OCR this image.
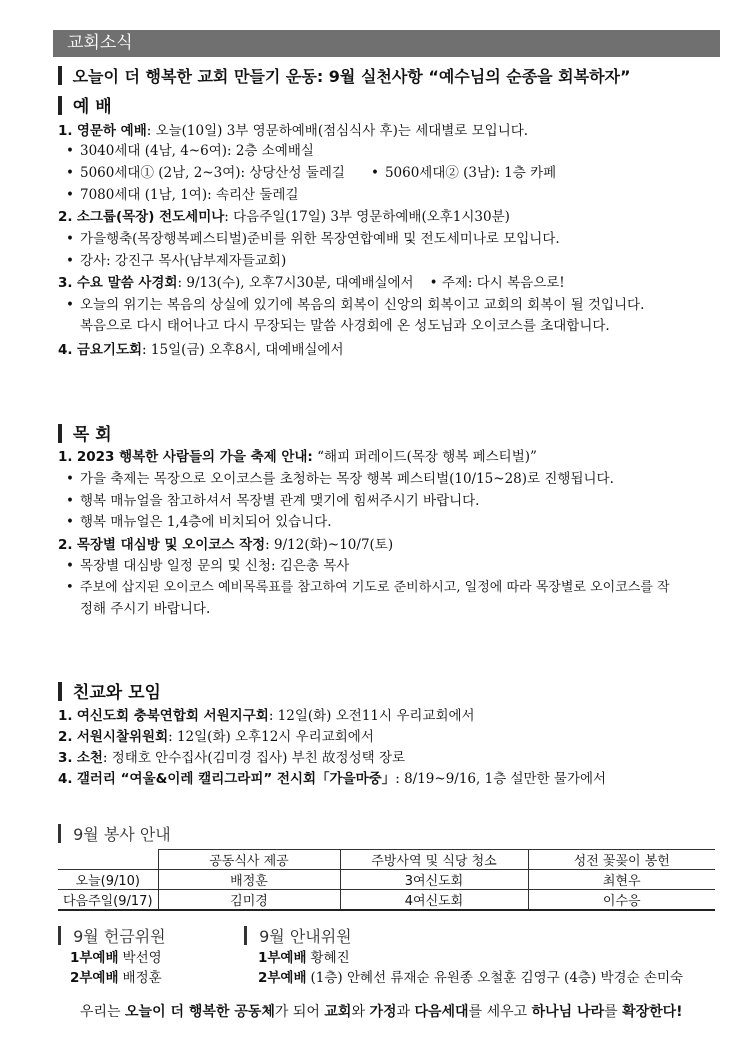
교회소식
오늘이 더 행복한 교회 만들기 운동: 9월 실천사항 “예수님의 순종을 회복하자”
예 배
1. 영문하 예배: 오늘(10일) 3부 영문하예배(점심식사 후)는 세대별로 모입니다.
• 3040세대 (4남, 4~6여): 2층 소예배실
• 5060세대① (2남, 2~3여): 상당산성 둘레길 • 5060세대② (3남): 1층 카페
• 7080세대 (1남, 1여): 속리산 둘레길
2. 소그룹(목장) 전도세미나: 다음주일(17일) 3부 영문하예배(오후1시30분)
• 가을행축(목장행복페스티벌)준비를 위한 목장연합예배 및 전도세미나로 모입니다.
• 강사: 강진구 목사(남부제자들교회)
3. 수요 말씀 사경회: 9/13(수), 오후7시30분, 대예배실에서 • 주제: 다시 복음으로!
• 오늘의 위기는 복음의 상실에 있기에 복음의 회복이 신앙의 회복이고 교회의 회복이 될 것입니다.
복음으로 다시 태어나고 다시 무장되는 말씀 사경회에 온 성도님과 오이코스를 초대합니다.
4. 금요기도회: 15일(금) 오후8시, 대예배실에서
목 회
1. 2023 행복한 사람들의 가을 축제 안내: “해피 퍼레이드(목장 행복 페스티벌)”
• 가을 축제는 목장으로 오이코스를 초청하는 목장 행복 페스티벌(10/15~28)로 진행됩니다.
• 행복 매뉴얼을 참고하셔서 목장별 관계 맺기에 힘써주시기 바랍니다.
• 행복 매뉴얼은 1,4층에 비치되어 있습니다.
2. 목장별 대심방 및 오이코스 작정: 9/12(화)~10/7(토)
• 목장별 대심방 일정 문의 및 신청: 김은총 목사
• 주보에 삽지된 오이코스 예비목록표를 참고하여 기도로 준비하시고, 일정에 따라 목장별로 오이코스를 작
정해 주시기 바랍니다.
친교와 모임
1. 여신도회 충북연합회 서원지구회: 12일(화) 오전11시 우리교회에서
2. 서원시찰위원회: 12일(화) 오후12시 우리교회에서
3. 소천: 정태호 안수집사(김미경 집사) 부친 故정성택 장로
4. 갤러리 “여울&이레 캘리그라피” 전시회「가을마중」: 8/19~9/16, 1층 설만한 물가에서
9월 봉사 안내
	공동식사 제공	주방사역 및 식당 청소	성전 꽃꽂이 봉헌
오늘(9/10)	배정훈	3여신도회	최현우
다음주일(9/17)	김미경	4여신도회	이수응
9월 헌금위원
1부예배 박선영
2부예배 배정훈
9월 안내위원
1부예배 황혜진
2부예배 (1층) 안혜선 류재순 유원종 오철훈 김영구 (4층) 박경순 손미숙
우리는 오늘이 더 행복한 공동체가 되어 교회와 가정과 다음세대를 세우고 하나님 나라를 확장한다!
